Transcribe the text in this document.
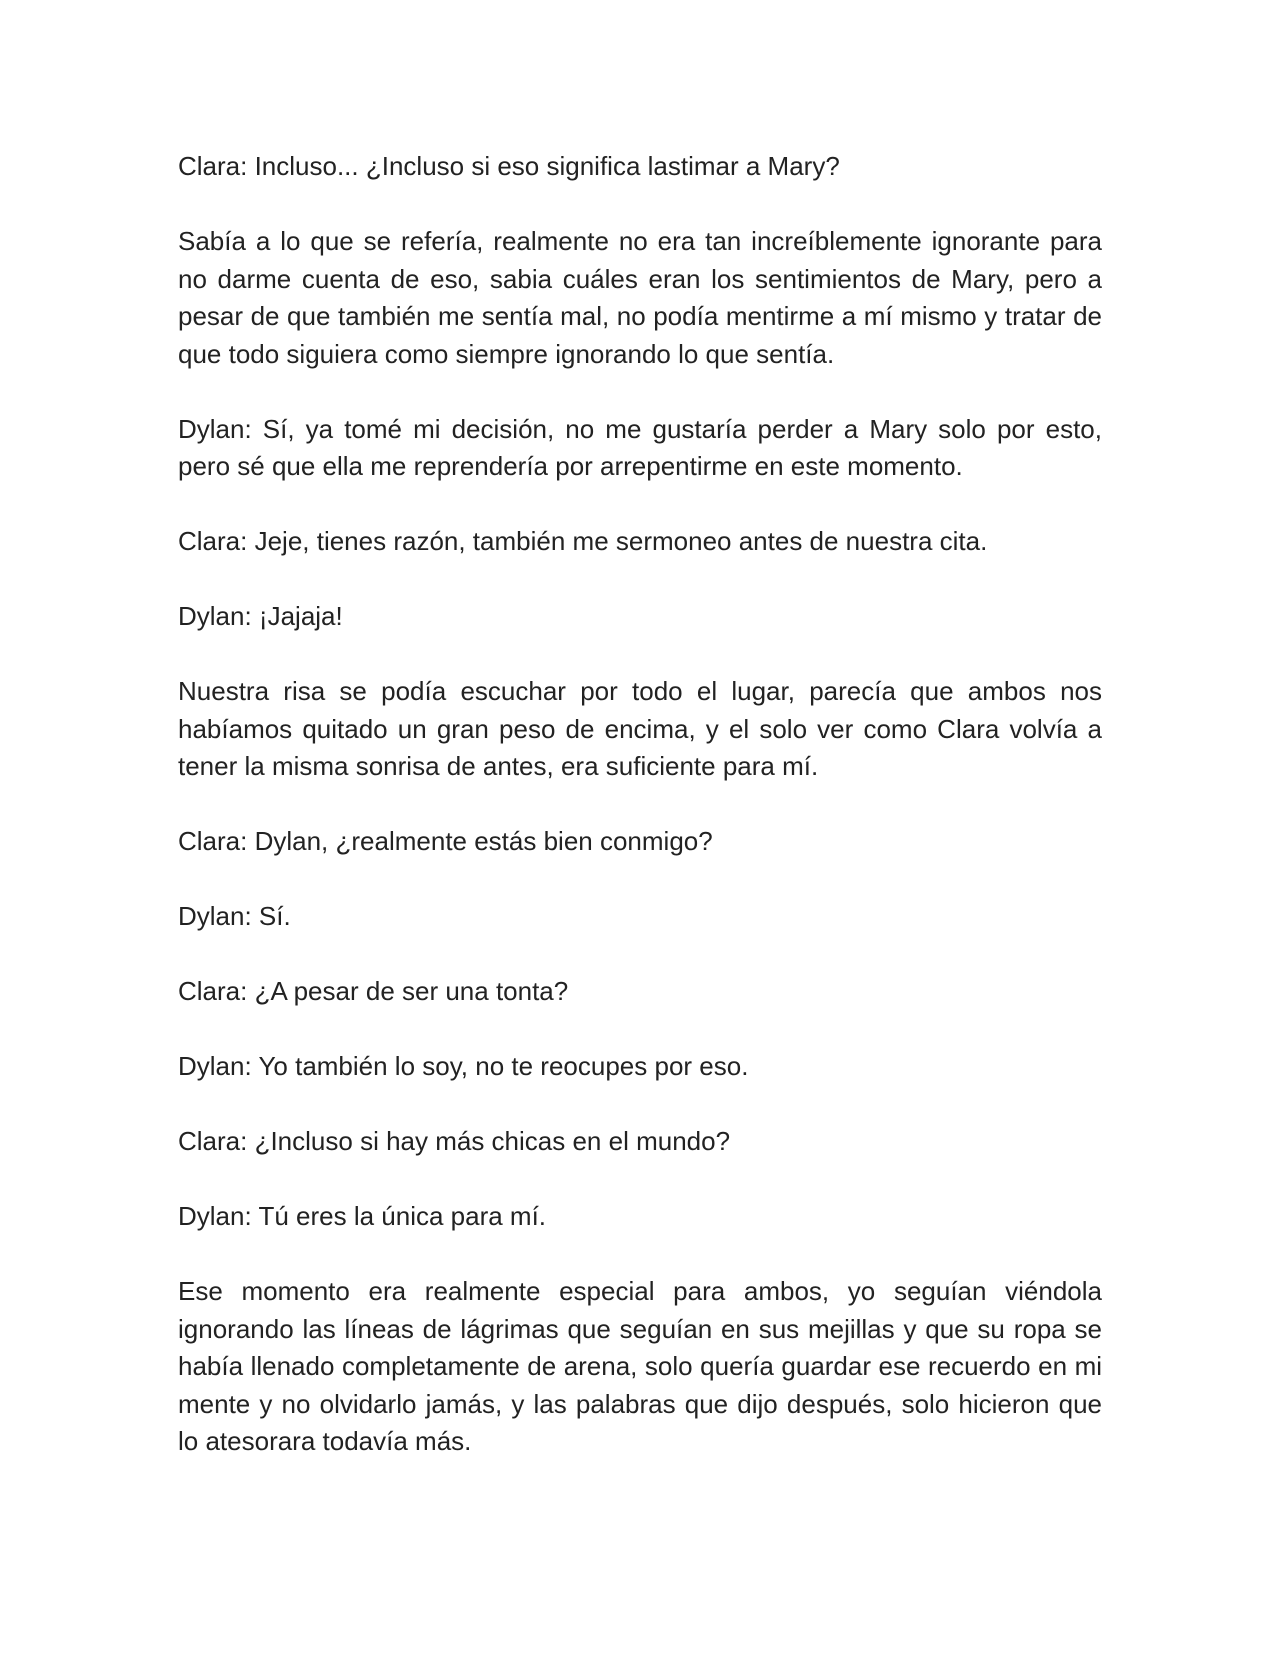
Clara: Incluso... ¿Incluso si eso significa lastimar a Mary?

Sabía a lo que se refería, realmente no era tan increíblemente ignorante para no darme cuenta de eso, sabia cuáles eran los sentimientos de Mary, pero a pesar de que también me sentía mal, no podía mentirme a mí mismo y tratar de que todo siguiera como siempre ignorando lo que sentía.

Dylan: Sí, ya tomé mi decisión, no me gustaría perder a Mary solo por esto, pero sé que ella me reprendería por arrepentirme en este momento.

Clara: Jeje, tienes razón, también me sermoneo antes de nuestra cita.

Dylan: ¡Jajaja!

Nuestra risa se podía escuchar por todo el lugar, parecía que ambos nos habíamos quitado un gran peso de encima, y el solo ver como Clara volvía a tener la misma sonrisa de antes, era suficiente para mí.

Clara: Dylan, ¿realmente estás bien conmigo?

Dylan: Sí.

Clara: ¿A pesar de ser una tonta?

Dylan: Yo también lo soy, no te reocupes por eso.

Clara: ¿Incluso si hay más chicas en el mundo?

Dylan: Tú eres la única para mí.

Ese momento era realmente especial para ambos, yo seguían viéndola ignorando las líneas de lágrimas que seguían en sus mejillas y que su ropa se había llenado completamente de arena, solo quería guardar ese recuerdo en mi mente y no olvidarlo jamás, y las palabras que dijo después, solo hicieron que lo atesorara todavía más.
